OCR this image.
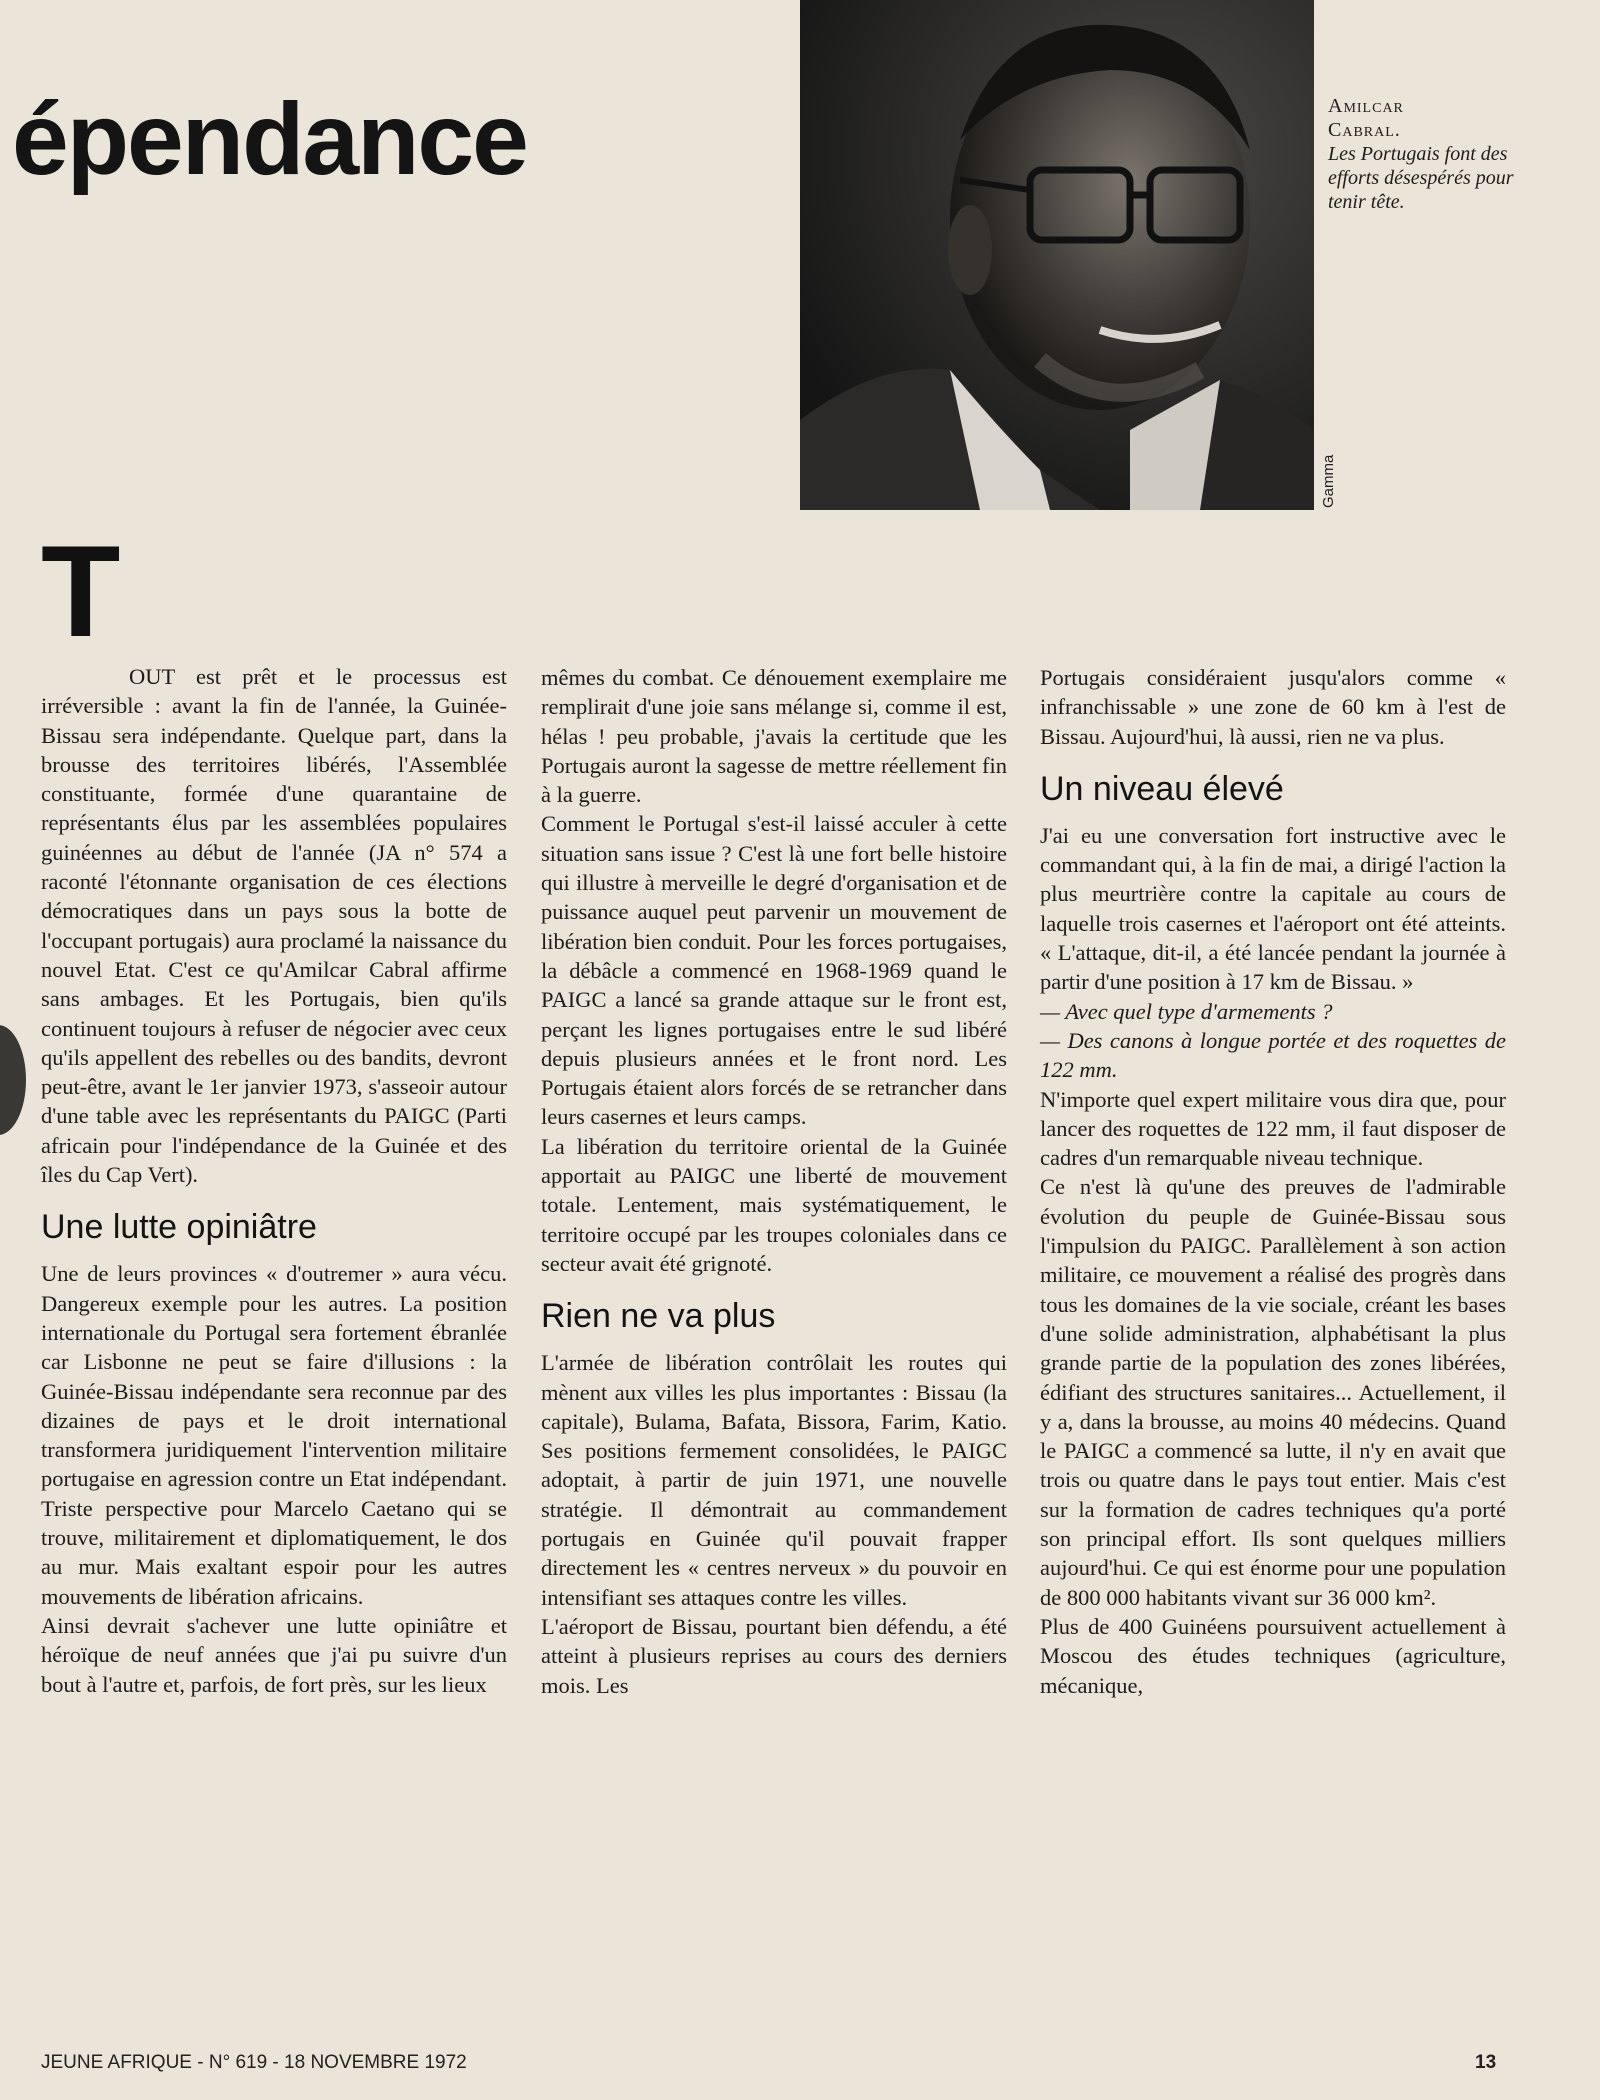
épendance
Gamma
Amilcar
Cabral.
Les Portugais font des efforts désespérés pour tenir tête.
T

OUT est prêt et le processus est irréversible : avant la fin de l'année, la Guinée-Bissau sera indépendante. Quelque part, dans la brousse des territoires libérés, l'Assemblée constituante, formée d'une quarantaine de représentants élus par les assemblées populaires guinéennes au début de l'année (JA n° 574 a raconté l'étonnante organisation de ces élections démocratiques dans un pays sous la botte de l'occupant portugais) aura proclamé la naissance du nouvel Etat. C'est ce qu'Amilcar Cabral affirme sans ambages. Et les Portugais, bien qu'ils continuent toujours à refuser de négocier avec ceux qu'ils appellent des rebelles ou des bandits, devront peut-être, avant le 1er janvier 1973, s'asseoir autour d'une table avec les représentants du PAIGC (Parti africain pour l'indépendance de la Guinée et des îles du Cap Vert).

Une lutte opiniâtre

Une de leurs provinces « d'outremer » aura vécu. Dangereux exemple pour les autres. La position internationale du Portugal sera fortement ébranlée car Lisbonne ne peut se faire d'illusions : la Guinée-Bissau indépendante sera reconnue par des dizaines de pays et le droit international transformera juridiquement l'intervention militaire portugaise en agression contre un Etat indépendant. Triste perspective pour Marcelo Caetano qui se trouve, militairement et diplomatiquement, le dos au mur. Mais exaltant espoir pour les autres mouvements de libération africains.

Ainsi devrait s'achever une lutte opiniâtre et héroïque de neuf années que j'ai pu suivre d'un bout à l'autre et, parfois, de fort près, sur les lieux

mêmes du combat. Ce dénouement exemplaire me remplirait d'une joie sans mélange si, comme il est, hélas ! peu probable, j'avais la certitude que les Portugais auront la sagesse de mettre réellement fin à la guerre.

Comment le Portugal s'est-il laissé acculer à cette situation sans issue ? C'est là une fort belle histoire qui illustre à merveille le degré d'organisation et de puissance auquel peut parvenir un mouvement de libération bien conduit. Pour les forces portugaises, la débâcle a commencé en 1968-1969 quand le PAIGC a lancé sa grande attaque sur le front est, perçant les lignes portugaises entre le sud libéré depuis plusieurs années et le front nord. Les Portugais étaient alors forcés de se retrancher dans leurs casernes et leurs camps.

La libération du territoire oriental de la Guinée apportait au PAIGC une liberté de mouvement totale. Lentement, mais systématiquement, le territoire occupé par les troupes coloniales dans ce secteur avait été grignoté.

Rien ne va plus

L'armée de libération contrôlait les routes qui mènent aux villes les plus importantes : Bissau (la capitale), Bulama, Bafata, Bissora, Farim, Katio. Ses positions fermement consolidées, le PAIGC adoptait, à partir de juin 1971, une nouvelle stratégie. Il démontrait au commandement portugais en Guinée qu'il pouvait frapper directement les « centres nerveux » du pouvoir en intensifiant ses attaques contre les villes.

L'aéroport de Bissau, pourtant bien défendu, a été atteint à plusieurs reprises au cours des derniers mois. Les

Portugais considéraient jusqu'alors comme « infranchissable » une zone de 60 km à l'est de Bissau. Aujourd'hui, là aussi, rien ne va plus.

Un niveau élevé

J'ai eu une conversation fort instructive avec le commandant qui, à la fin de mai, a dirigé l'action la plus meurtrière contre la capitale au cours de laquelle trois casernes et l'aéroport ont été atteints. « L'attaque, dit-il, a été lancée pendant la journée à partir d'une position à 17 km de Bissau. »

— Avec quel type d'armements ?

— Des canons à longue portée et des roquettes de 122 mm.

N'importe quel expert militaire vous dira que, pour lancer des roquettes de 122 mm, il faut disposer de cadres d'un remarquable niveau technique.

Ce n'est là qu'une des preuves de l'admirable évolution du peuple de Guinée-Bissau sous l'impulsion du PAIGC. Parallèlement à son action militaire, ce mouvement a réalisé des progrès dans tous les domaines de la vie sociale, créant les bases d'une solide administration, alphabétisant la plus grande partie de la population des zones libérées, édifiant des structures sanitaires... Actuellement, il y a, dans la brousse, au moins 40 médecins. Quand le PAIGC a commencé sa lutte, il n'y en avait que trois ou quatre dans le pays tout entier. Mais c'est sur la formation de cadres techniques qu'a porté son principal effort. Ils sont quelques milliers aujourd'hui. Ce qui est énorme pour une population de 800 000 habitants vivant sur 36 000 km².

Plus de 400 Guinéens poursuivent actuellement à Moscou des études techniques (agriculture, mécanique,

JEUNE AFRIQUE - N° 619 - 18 NOVEMBRE 1972	13
